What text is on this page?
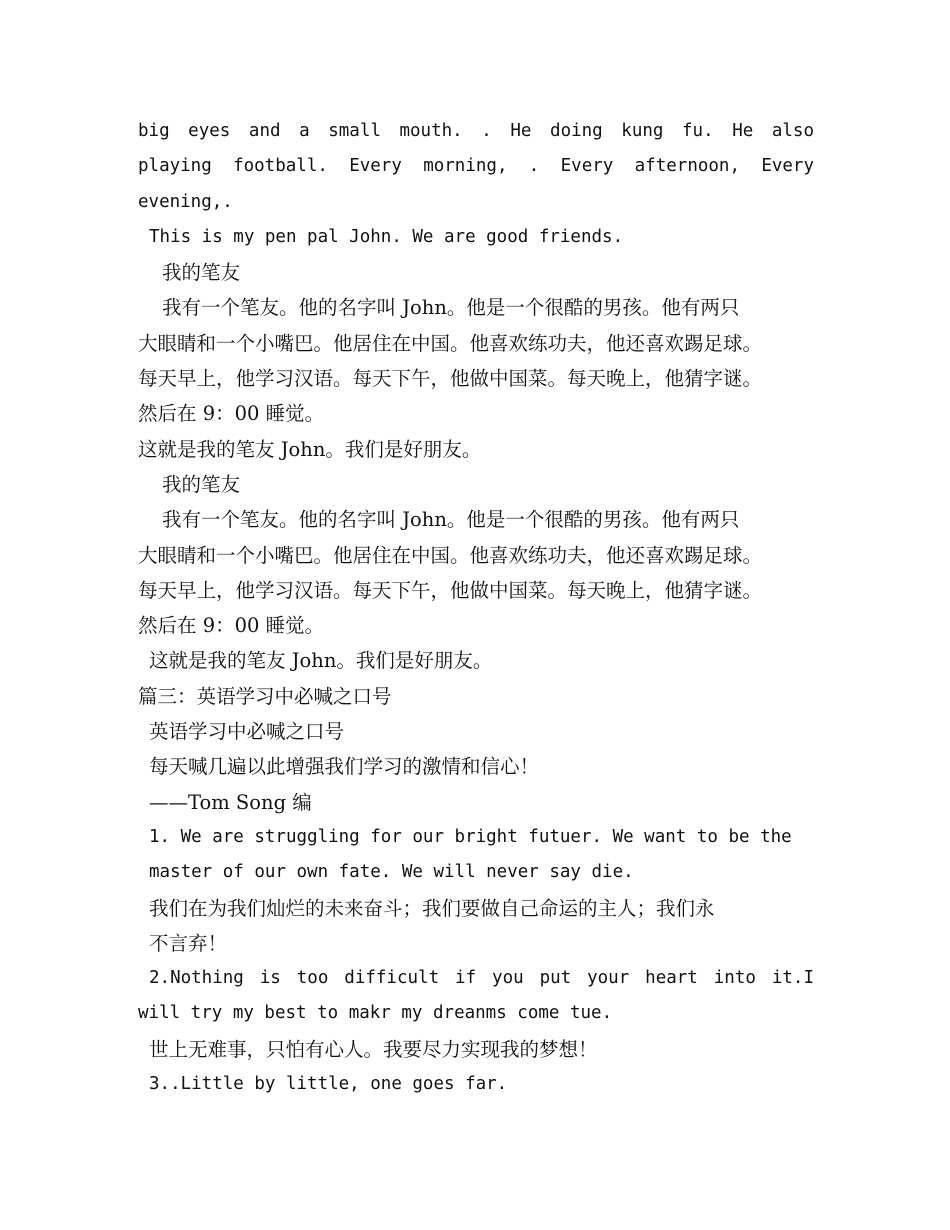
big eyes and a small mouth. . He doing kung fu. He also
playing football. Every morning, . Every afternoon, Every
evening,.
This is my pen pal John. We are good friends.
我的笔友
我有一个笔友。他的名字叫 John。他是一个很酷的男孩。他有两只
大眼睛和一个小嘴巴。他居住在中国。他喜欢练功夫，他还喜欢踢足球。
每天早上，他学习汉语。每天下午，他做中国菜。每天晚上，他猜字谜。
然后在 9：00 睡觉。
这就是我的笔友 John。我们是好朋友。
我的笔友
我有一个笔友。他的名字叫 John。他是一个很酷的男孩。他有两只
大眼睛和一个小嘴巴。他居住在中国。他喜欢练功夫，他还喜欢踢足球。
每天早上，他学习汉语。每天下午，他做中国菜。每天晚上，他猜字谜。
然后在 9：00 睡觉。
这就是我的笔友 John。我们是好朋友。
篇三：英语学习中必喊之口号
英语学习中必喊之口号
每天喊几遍以此增强我们学习的激情和信心！
——Tom Song 编
1. We are struggling for our bright futuer. We want to be the
master of our own fate. We will never say die.
我们在为我们灿烂的未来奋斗；我们要做自己命运的主人；我们永
不言弃！
2.Nothing is too difficult if you put your heart into it.I
will try my best to makr my dreanms come tue.
世上无难事，只怕有心人。我要尽力实现我的梦想！
3..Little by little, one goes far.
